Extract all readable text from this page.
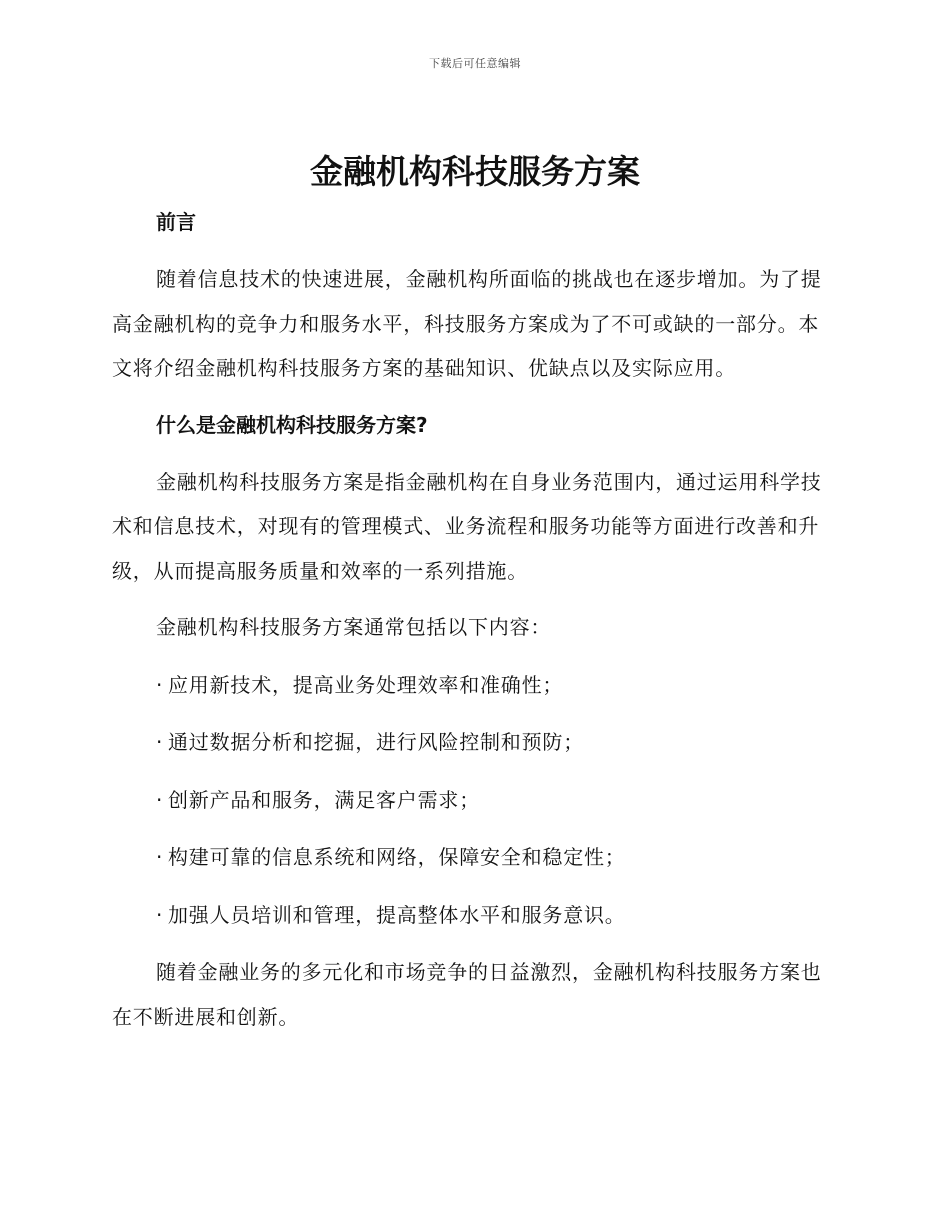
下载后可任意编辑
金融机构科技服务方案

前言

随着信息技术的快速进展，金融机构所面临的挑战也在逐步增加。为了提高金融机构的竞争力和服务水平，科技服务方案成为了不可或缺的一部分。本文将介绍金融机构科技服务方案的基础知识、优缺点以及实际应用。

什么是金融机构科技服务方案?

金融机构科技服务方案是指金融机构在自身业务范围内，通过运用科学技术和信息技术，对现有的管理模式、业务流程和服务功能等方面进行改善和升级，从而提高服务质量和效率的一系列措施。

金融机构科技服务方案通常包括以下内容：

· 应用新技术，提高业务处理效率和准确性；

· 通过数据分析和挖掘，进行风险控制和预防；

· 创新产品和服务，满足客户需求；

· 构建可靠的信息系统和网络，保障安全和稳定性；

· 加强人员培训和管理，提高整体水平和服务意识。

随着金融业务的多元化和市场竞争的日益激烈，金融机构科技服务方案也在不断进展和创新。
